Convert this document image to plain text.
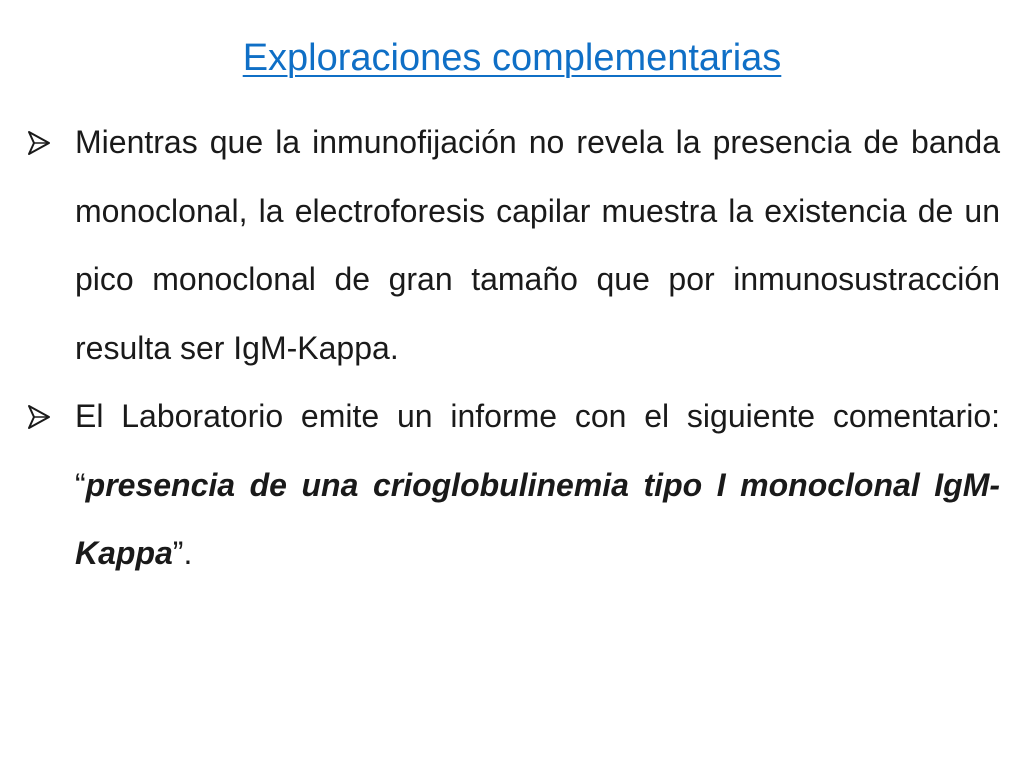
Exploraciones complementarias
Mientras que la inmunofijación no revela la presencia de banda monoclonal, la electroforesis capilar muestra la existencia de un pico monoclonal de gran tamaño que por inmunosustracción resulta ser IgM-Kappa.
El Laboratorio emite un informe con el siguiente comentario: “presencia de una crioglobulinemia tipo I monoclonal IgM-Kappa”.
